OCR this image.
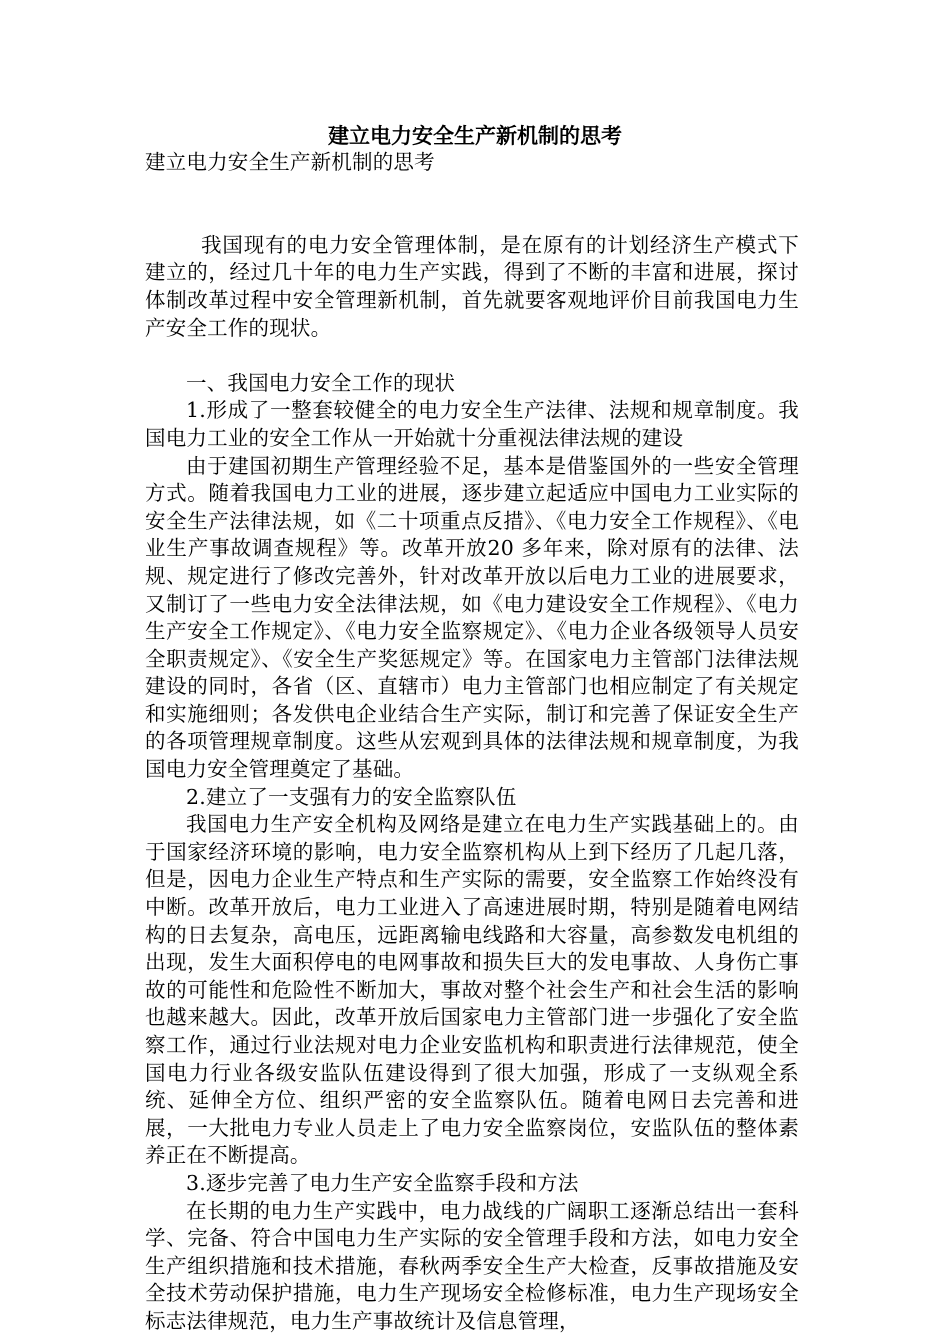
建立电力安全生产新机制的思考

建立电力安全生产新机制的思考

我国现有的电力安全管理体制，是在原有的计划经济生产模式下建立的，经过几十年的电力生产实践，得到了不断的丰富和进展，探讨体制改革过程中安全管理新机制，首先就要客观地评价目前我国电力生产安全工作的现状。

一、我国电力安全工作的现状

1.形成了一整套较健全的电力安全生产法律、法规和规章制度。我国电力工业的安全工作从一开始就十分重视法律法规的建设

由于建国初期生产管理经验不足，基本是借鉴国外的一些安全管理方式。随着我国电力工业的进展，逐步建立起适应中国电力工业实际的安全生产法律法规，如《二十项重点反措》、《电力安全工作规程》、《电业生产事故调查规程》等。改革开放20 多年来，除对原有的法律、法规、规定进行了修改完善外，针对改革开放以后电力工业的进展要求，又制订了一些电力安全法律法规，如《电力建设安全工作规程》、《电力生产安全工作规定》、《电力安全监察规定》、《电力企业各级领导人员安全职责规定》、《安全生产奖惩规定》等。在国家电力主管部门法律法规建设的同时，各省（区、直辖市）电力主管部门也相应制定了有关规定和实施细则；各发供电企业结合生产实际，制订和完善了保证安全生产的各项管理规章制度。这些从宏观到具体的法律法规和规章制度，为我国电力安全管理奠定了基础。

2.建立了一支强有力的安全监察队伍

我国电力生产安全机构及网络是建立在电力生产实践基础上的。由于国家经济环境的影响，电力安全监察机构从上到下经历了几起几落，但是，因电力企业生产特点和生产实际的需要，安全监察工作始终没有中断。改革开放后，电力工业进入了高速进展时期，特别是随着电网结构的日去复杂，高电压，远距离输电线路和大容量，高参数发电机组的出现，发生大面积停电的电网事故和损失巨大的发电事故、人身伤亡事故的可能性和危险性不断加大，事故对整个社会生产和社会生活的影响也越来越大。因此，改革开放后国家电力主管部门进一步强化了安全监察工作，通过行业法规对电力企业安监机构和职责进行法律规范，使全国电力行业各级安监队伍建设得到了很大加强，形成了一支纵观全系统、延伸全方位、组织严密的安全监察队伍。随着电网日去完善和进展，一大批电力专业人员走上了电力安全监察岗位，安监队伍的整体素养正在不断提高。

3.逐步完善了电力生产安全监察手段和方法

在长期的电力生产实践中，电力战线的广阔职工逐渐总结出一套科学、完备、符合中国电力生产实际的安全管理手段和方法，如电力安全生产组织措施和技术措施，春秋两季安全生产大检查，反事故措施及安全技术劳动保护措施，电力生产现场安全检修标准，电力生产现场安全标志法律规范，电力生产事故统计及信息管理，
